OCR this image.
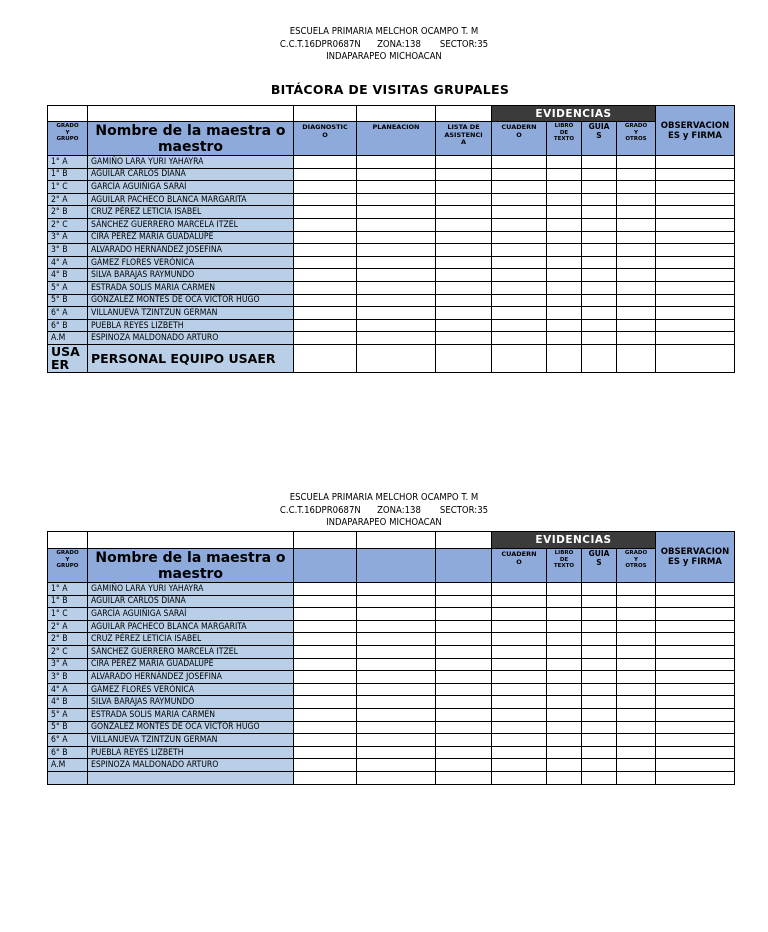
ESCUELA PRIMARIA MELCHOR OCAMPO T. M
C.C.T.16DPR0687N ZONA:138 SECTOR:35
INDAPARAPEO MICHOACAN
BITÁCORA DE VISITAS GRUPALES
					EVIDENCIAS				OBSERVACION
ES y FIRMA

GRADO
Y
GRUPO	Nombre de la maestra o maestro	DIAGNOSTIC
O	PLANEACION	LISTA DE
ASISTENCI
A	CUADERN
O	LIBRO
DE
TEXTO	GUIA
S	GRADO
Y
OTROS	
1° A	GAMIÑO LARA YURI YAHAYRA								
1° B	AGUILAR CARLOS DIANA								
1° C	GARCÍA AGUIÑIGA SARAÍ								
2° A	AGUILAR PACHECO BLANCA MARGARITA								
2° B	CRUZ PÉREZ LETICIA ISABEL								
2° C	SÁNCHEZ GUERRERO MARCELA ITZEL								
3° A	CIRA PÉREZ MARIA GUADALUPE								
3° B	ALVARADO HERNÁNDEZ JOSEFINA								
4° A	GÁMEZ FLORES VERÓNICA								
4° B	SILVA BARAJAS RAYMUNDO								
5° A	ESTRADA SOLIS MARIA CARMEN								
5° B	GONZÁLEZ MONTES DE OCA VICTOR HUGO								
6° A	VILLANUEVA TZINTZUN GERMAN								
6° B	PUEBLA REYES LIZBETH								
A.M	ESPINOZA MALDONADO ARTURO								
USA
ER	PERSONAL EQUIPO USAER								
ESCUELA PRIMARIA MELCHOR OCAMPO T. M
C.C.T.16DPR0687N ZONA:138 SECTOR:35
INDAPARAPEO MICHOACAN
					EVIDENCIAS				OBSERVACION
ES y FIRMA

GRADO
Y
GRUPO	Nombre de la maestra o maestro				CUADERN
O	LIBRO
DE
TEXTO	GUIA
S	GRADO
Y
OTROS	
1° A	GAMIÑO LARA YURI YAHAYRA								
1° B	AGUILAR CARLOS DIANA								
1° C	GARCÍA AGUIÑIGA SARAÍ								
2° A	AGUILAR PACHECO BLANCA MARGARITA								
2° B	CRUZ PÉREZ LETICIA ISABEL								
2° C	SÁNCHEZ GUERRERO MARCELA ITZEL								
3° A	CIRA PÉREZ MARIA GUADALUPE								
3° B	ALVARADO HERNÁNDEZ JOSEFINA								
4° A	GÁMEZ FLORES VERÓNICA								
4° B	SILVA BARAJAS RAYMUNDO								
5° A	ESTRADA SOLIS MARIA CARMEN								
5° B	GONZÁLEZ MONTES DE OCA VICTOR HUGO								
6° A	VILLANUEVA TZINTZUN GERMAN								
6° B	PUEBLA REYES LIZBETH								
A.M	ESPINOZA MALDONADO ARTURO								
